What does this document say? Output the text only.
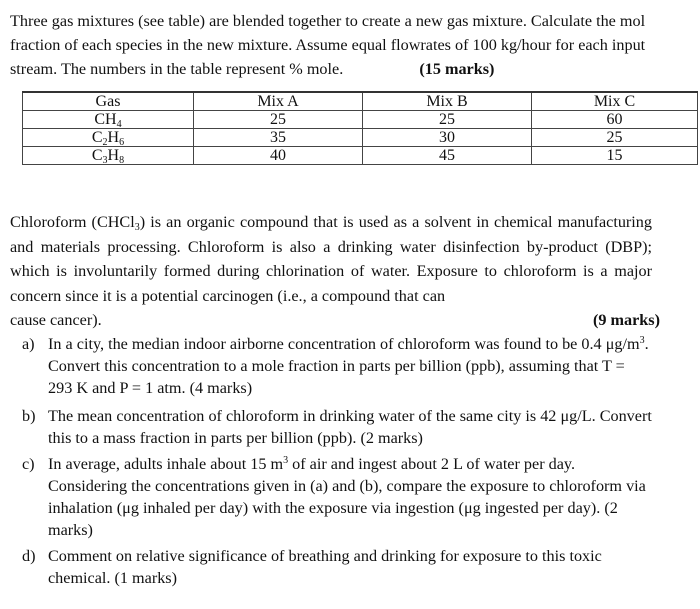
Three gas mixtures (see table) are blended together to create a new gas mixture. Calculate the mol fraction of each species in the new mixture. Assume equal flowrates of 100 kg/hour for each input stream. The numbers in the table represent % mole.	(15 marks)
Gas	Mix A	Mix B	Mix C
$CH_4$	25	25	60
$C_2H_6$	35	30	25
$C_3H_8$	40	45	15
Chloroform (CHCl$_3$) is an organic compound that is used as a solvent in chemical manufacturing and materials processing. Chloroform is also a drinking water disinfection by-product (DBP); which is involuntarily formed during chlorination of water. Exposure to chloroform is a major concern since it is a potential carcinogen (i.e., a compound that can
cause cancer).	(9 marks)
a) In a city, the median indoor airborne concentration of chloroform was found to be 0.4 $\mu g/m^3$. Convert this concentration to a mole fraction in parts per billion (ppb), assuming that T = 293 K and P = 1 atm. (4 marks)
b) The mean concentration of chloroform in drinking water of the same city is 42 μg/L. Convert this to a mass fraction in parts per billion (ppb). (2 marks)
c) In average, adults inhale about 15 $m^3$ of air and ingest about 2 L of water per day. Considering the concentrations given in (a) and (b), compare the exposure to chloroform via inhalation (μg inhaled per day) with the exposure via ingestion (μg ingested per day). (2 marks)
d) Comment on relative significance of breathing and drinking for exposure to this toxic chemical. (1 marks)
